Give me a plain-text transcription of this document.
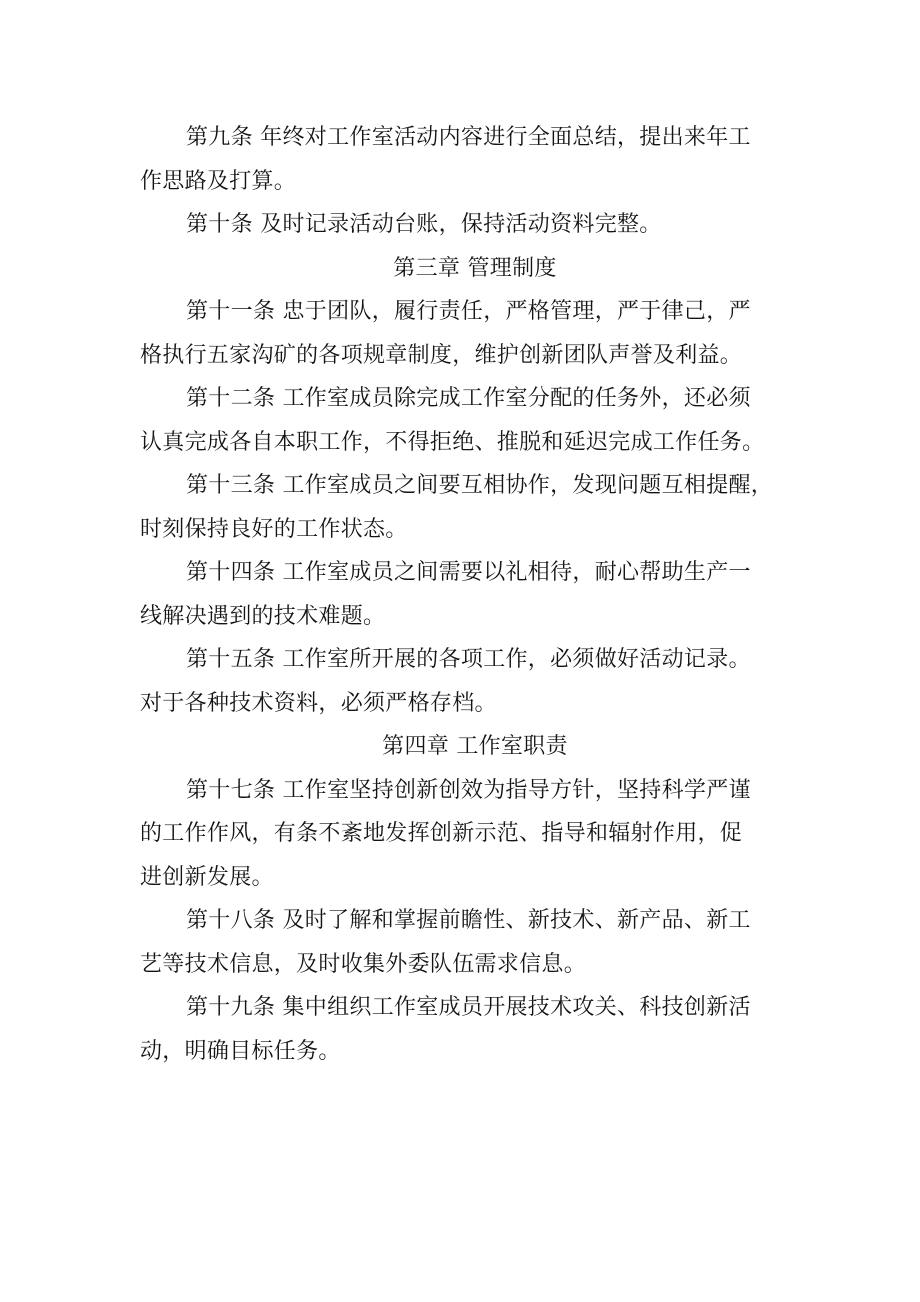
第九条 年终对工作室活动内容进行全面总结，提出来年工
作思路及打算。
第十条 及时记录活动台账，保持活动资料完整。
第三章 管理制度
第十一条 忠于团队，履行责任，严格管理，严于律己，严
格执行五家沟矿的各项规章制度，维护创新团队声誉及利益。
第十二条 工作室成员除完成工作室分配的任务外，还必须
认真完成各自本职工作，不得拒绝、推脱和延迟完成工作任务。
第十三条 工作室成员之间要互相协作，发现问题互相提醒，
时刻保持良好的工作状态。
第十四条 工作室成员之间需要以礼相待，耐心帮助生产一
线解决遇到的技术难题。
第十五条 工作室所开展的各项工作，必须做好活动记录。
对于各种技术资料，必须严格存档。
第四章 工作室职责
第十七条 工作室坚持创新创效为指导方针，坚持科学严谨
的工作作风，有条不紊地发挥创新示范、指导和辐射作用，促
进创新发展。
第十八条 及时了解和掌握前瞻性、新技术、新产品、新工
艺等技术信息，及时收集外委队伍需求信息。
第十九条 集中组织工作室成员开展技术攻关、科技创新活
动，明确目标任务。
